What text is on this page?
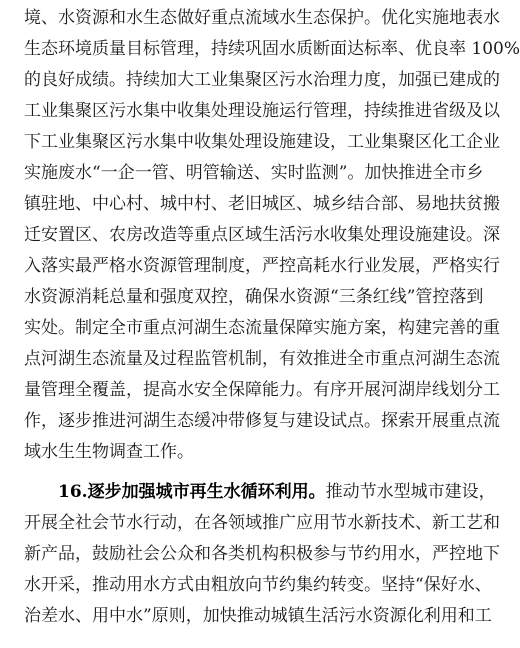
境、水资源和水生态做好重点流域水生态保护。优化实施地表水
生态环境质量目标管理，持续巩固水质断面达标率、优良率 100%
的良好成绩。持续加大工业集聚区污水治理力度，加强已建成的
工业集聚区污水集中收集处理设施运行管理，持续推进省级及以
下工业集聚区污水集中收集处理设施建设，工业集聚区化工企业
实施废水“一企一管、明管输送、实时监测”。加快推进全市乡
镇驻地、中心村、城中村、老旧城区、城乡结合部、易地扶贫搬
迁安置区、农房改造等重点区域生活污水收集处理设施建设。深
入落实最严格水资源管理制度，严控高耗水行业发展，严格实行
水资源消耗总量和强度双控，确保水资源“三条红线”管控落到
实处。制定全市重点河湖生态流量保障实施方案，构建完善的重
点河湖生态流量及过程监管机制，有效推进全市重点河湖生态流
量管理全覆盖，提高水安全保障能力。有序开展河湖岸线划分工
作，逐步推进河湖生态缓冲带修复与建设试点。探索开展重点流
域水生生物调查工作。
16.逐步加强城市再生水循环利用。推动节水型城市建设，
开展全社会节水行动，在各领域推广应用节水新技术、新工艺和
新产品，鼓励社会公众和各类机构积极参与节约用水，严控地下
水开采，推动用水方式由粗放向节约集约转变。坚持“保好水、
治差水、用中水”原则，加快推动城镇生活污水资源化利用和工
